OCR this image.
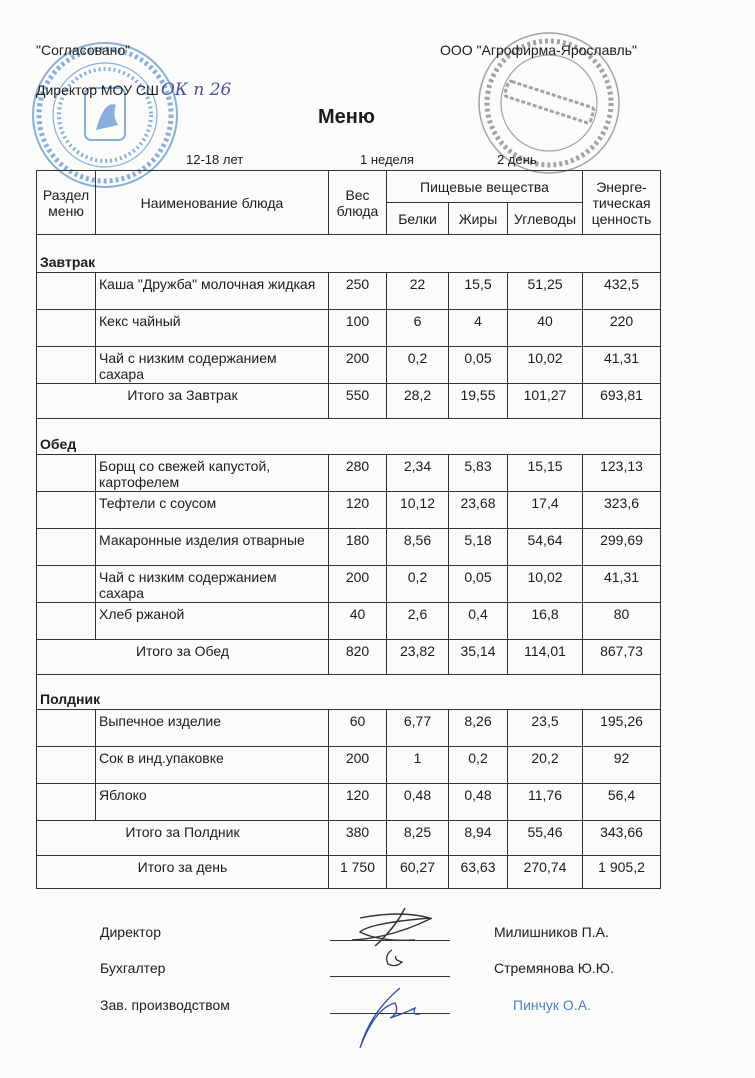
"Согласовано"
Директор МОУ СШ ОК n 26
ООО "Агрофирма-Ярославль"
Меню
12-18 лет	1 неделя	2 день
Раздел меню	Наименование блюда	Вес блюда	Пищевые вещества			Энерге-тическая ценность
			Белки	Жиры	Углеводы	
Завтрак						
	Каша "Дружба" молочная жидкая	250	22	15,5	51,25	432,5
	Кекс чайный	100	6	4	40	220
	Чай с низким содержанием сахара	200	0,2	0,05	10,02	41,31
Итого за Завтрак		550	28,2	19,55	101,27	693,81
Обед						
	Борщ со свежей капустой, картофелем	280	2,34	5,83	15,15	123,13
	Тефтели с соусом	120	10,12	23,68	17,4	323,6
	Макаронные изделия отварные	180	8,56	5,18	54,64	299,69
	Чай с низким содержанием сахара	200	0,2	0,05	10,02	41,31
	Хлеб ржаной	40	2,6	0,4	16,8	80
Итого за Обед		820	23,82	35,14	114,01	867,73
Полдник						
	Выпечное изделие	60	6,77	8,26	23,5	195,26
	Сок в инд.упаковке	200	1	0,2	20,2	92
	Яблоко	120	0,48	0,48	11,76	56,4
Итого за Полдник		380	8,25	8,94	55,46	343,66
Итого за день		1 750	60,27	63,63	270,74	1 905,2
Директор	Милишников П.А.
Бухгалтер	Стремянова Ю.Ю.
Зав. производством	Пинчук О.А.
